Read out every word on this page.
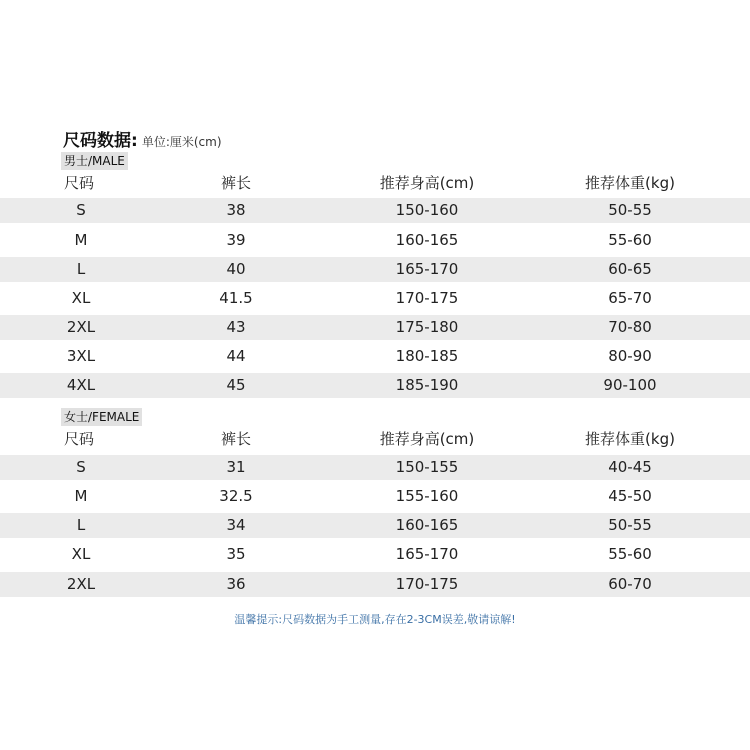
尺码数据: 单位:厘米(cm)
男士/MALE
尺码	裤长	推荐身高(cm)	推荐体重(kg)
S	38	150-160	50-55
M	39	160-165	55-60
L	40	165-170	60-65
XL	41.5	170-175	65-70
2XL	43	175-180	70-80
3XL	44	180-185	80-90
4XL	45	185-190	90-100
女士/FEMALE
尺码	裤长	推荐身高(cm)	推荐体重(kg)
S	31	150-155	40-45
M	32.5	155-160	45-50
L	34	160-165	50-55
XL	35	165-170	55-60
2XL	36	170-175	60-70
温馨提示:尺码数据为手工测量,存在2-3CM误差,敬请谅解!
